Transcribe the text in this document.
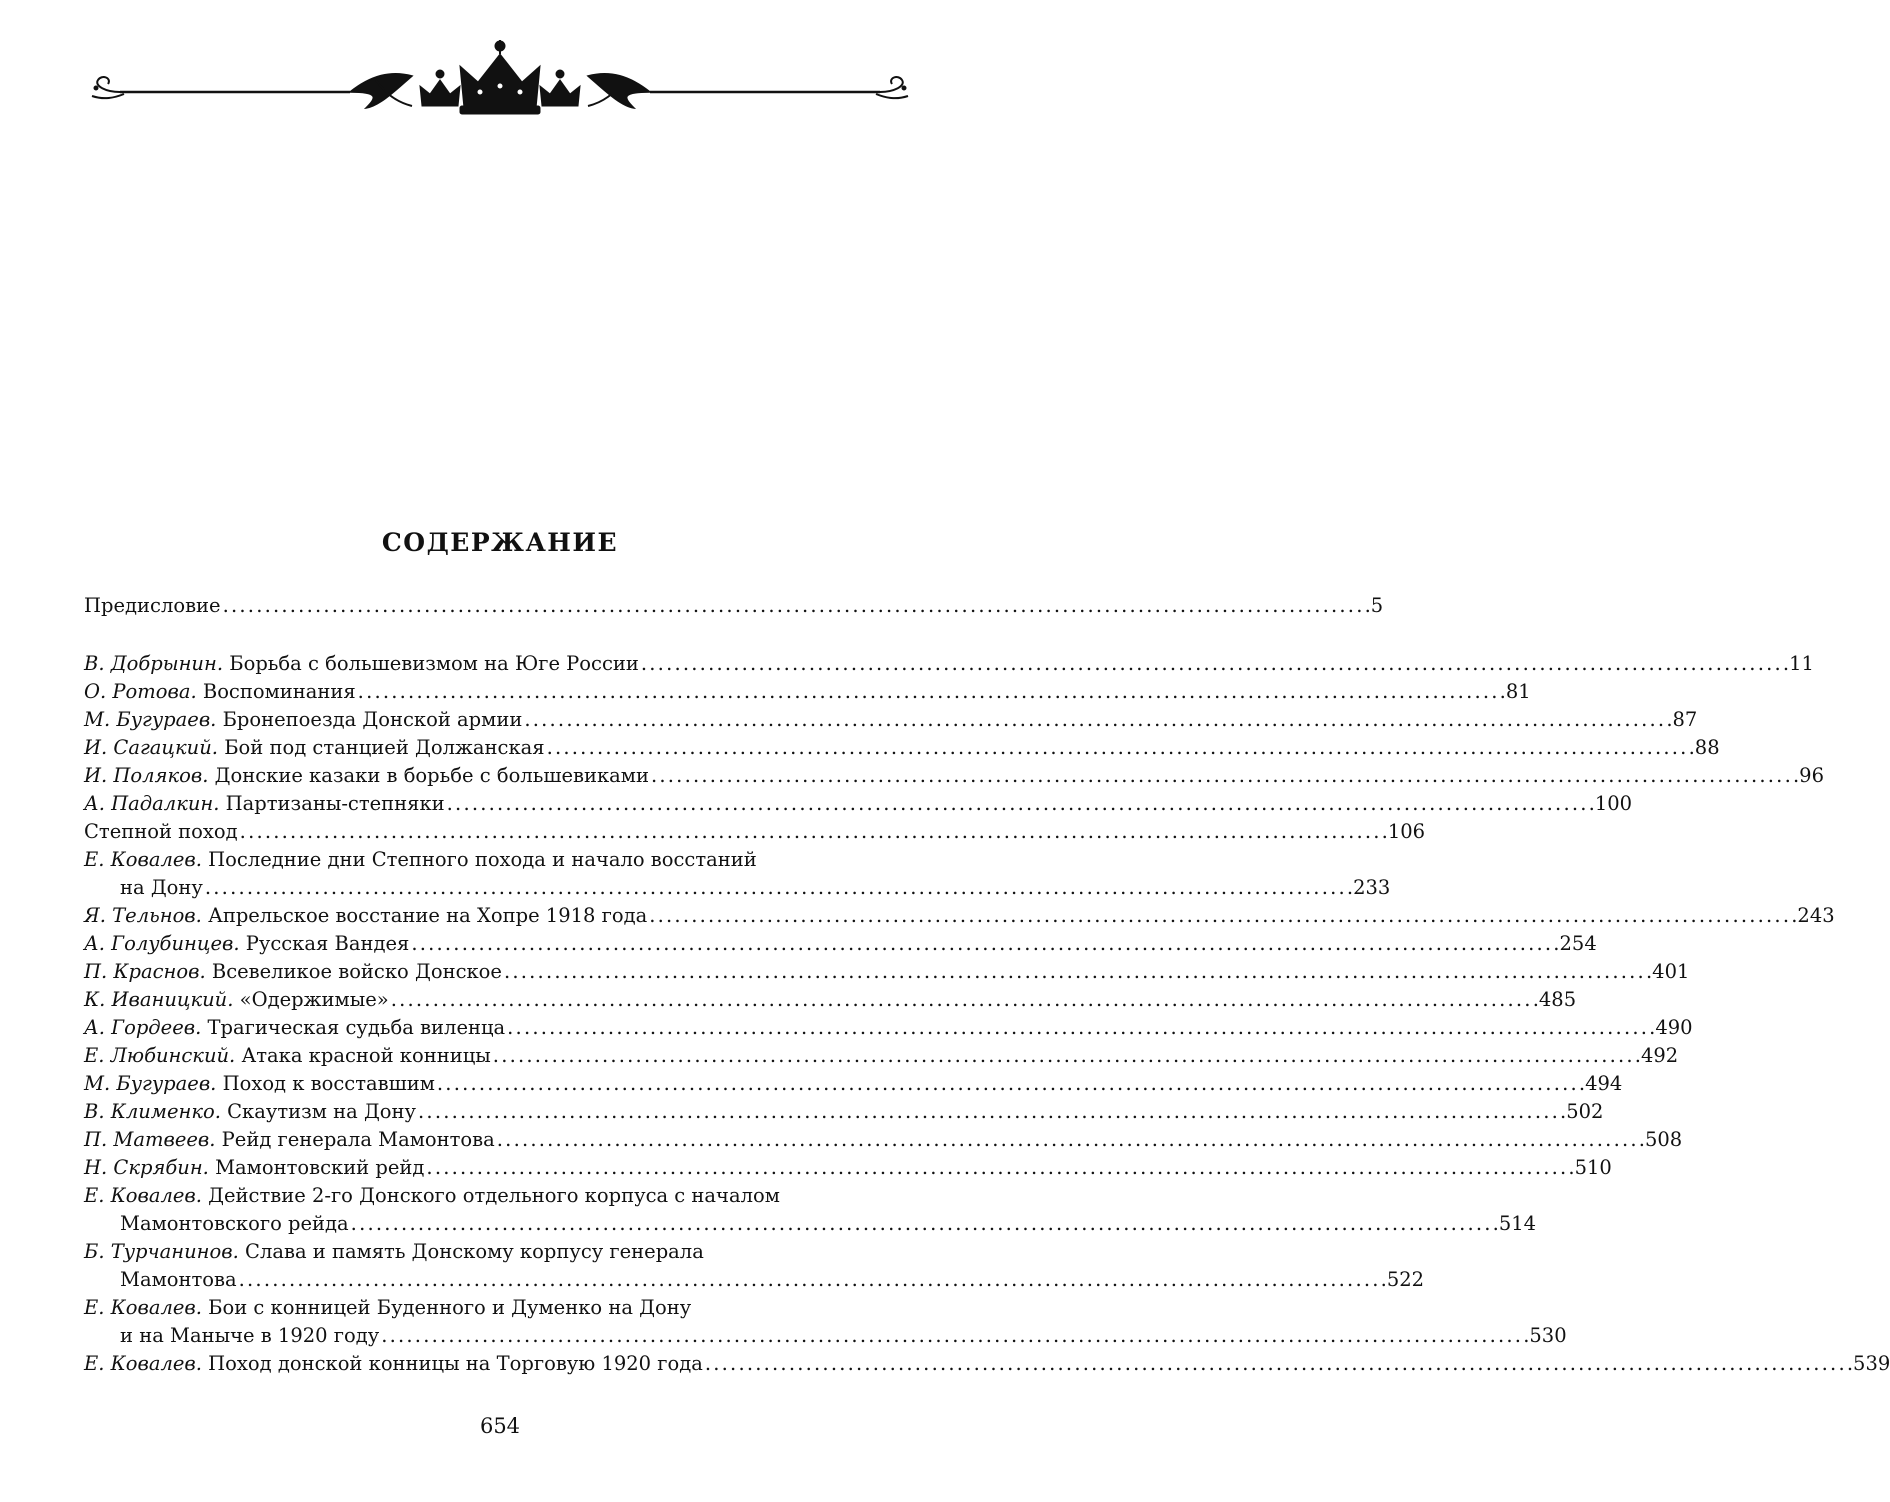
СОДЕРЖАНИЕ
Предисловие . . .	5
В. Добрынин. Борьба с большевизмом на Юге России . . .	11
О. Ротова. Воспоминания . . .	81
М. Бугураев. Бронепоезда Донской армии . . .	87
И. Сагацкий. Бой под станцией Должанская . . .	88
И. Поляков. Донские казаки в борьбе с большевиками . . .	96
А. Падалкин. Партизаны-степняки . . .	100
Степной поход . . .	106
Е. Ковалев. Последние дни Степного похода и начало восстаний
на Дону . . .	233
Я. Тельнов. Апрельское восстание на Хопре 1918 года . . .	243
А. Голубинцев. Русская Вандея . . .	254
П. Краснов. Всевеликое войско Донское . . .	401
К. Иваницкий. «Одержимые» . . .	485
А. Гордеев. Трагическая судьба виленца . . .	490
Е. Любинский. Атака красной конницы . . .	492
М. Бугураев. Поход к восставшим . . .	494
В. Клименко. Скаутизм на Дону . . .	502
П. Матвеев. Рейд генерала Мамонтова . . .	508
Н. Скрябин. Мамонтовский рейд . . .	510
Е. Ковалев. Действие 2-го Донского отдельного корпуса с началом
Мамонтовского рейда . . .	514
Б. Турчанинов. Слава и память Донскому корпусу генерала
Мамонтова . . .	522
Е. Ковалев. Бои с конницей Буденного и Думенко на Дону
и на Маныче в 1920 году . . .	530
Е. Ковалев. Поход донской конницы на Торговую 1920 года . . .	539
654
